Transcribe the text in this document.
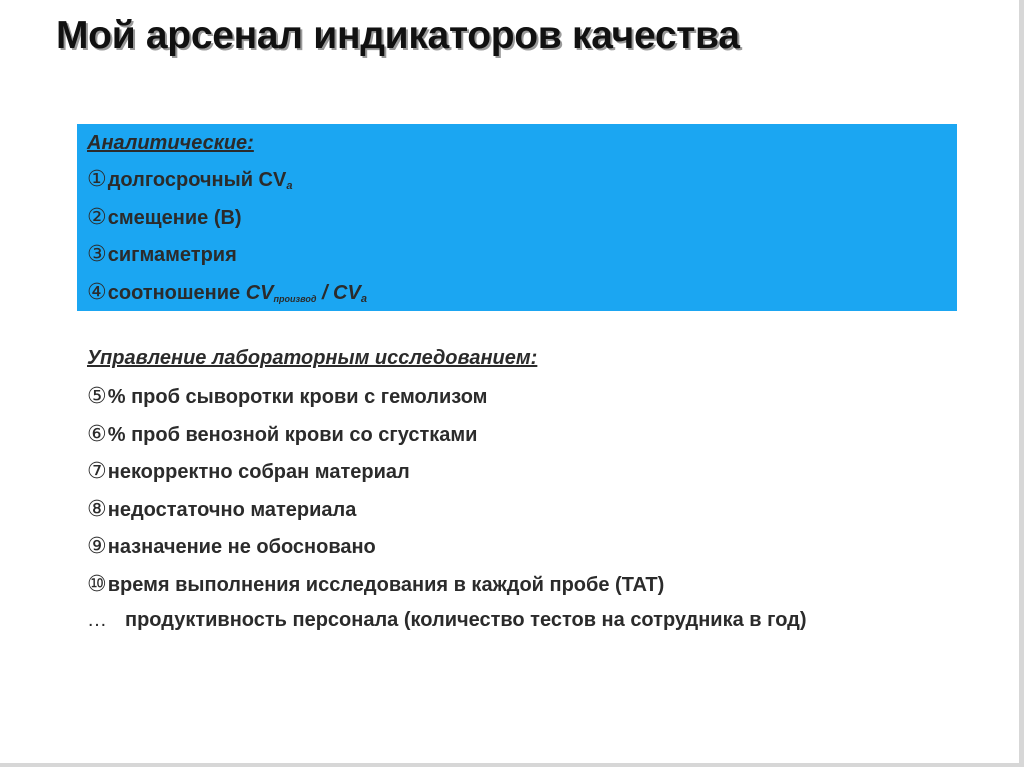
Мой арсенал индикаторов качества
Аналитические:
①долгосрочный $CV_a$
②смещение (B)
③сигмаметрия
④соотношение CVпроизвод / $CV_a$
Управление лабораторным исследованием:
⑤% проб сыворотки крови с гемолизом
⑥% проб венозной крови со сгустками
⑦некорректно собран материал
⑧недостаточно материала
⑨назначение не обосновано
⑩время выполнения исследования в каждой пробе (TAT)
… продуктивность персонала (количество тестов на сотрудника в год)
